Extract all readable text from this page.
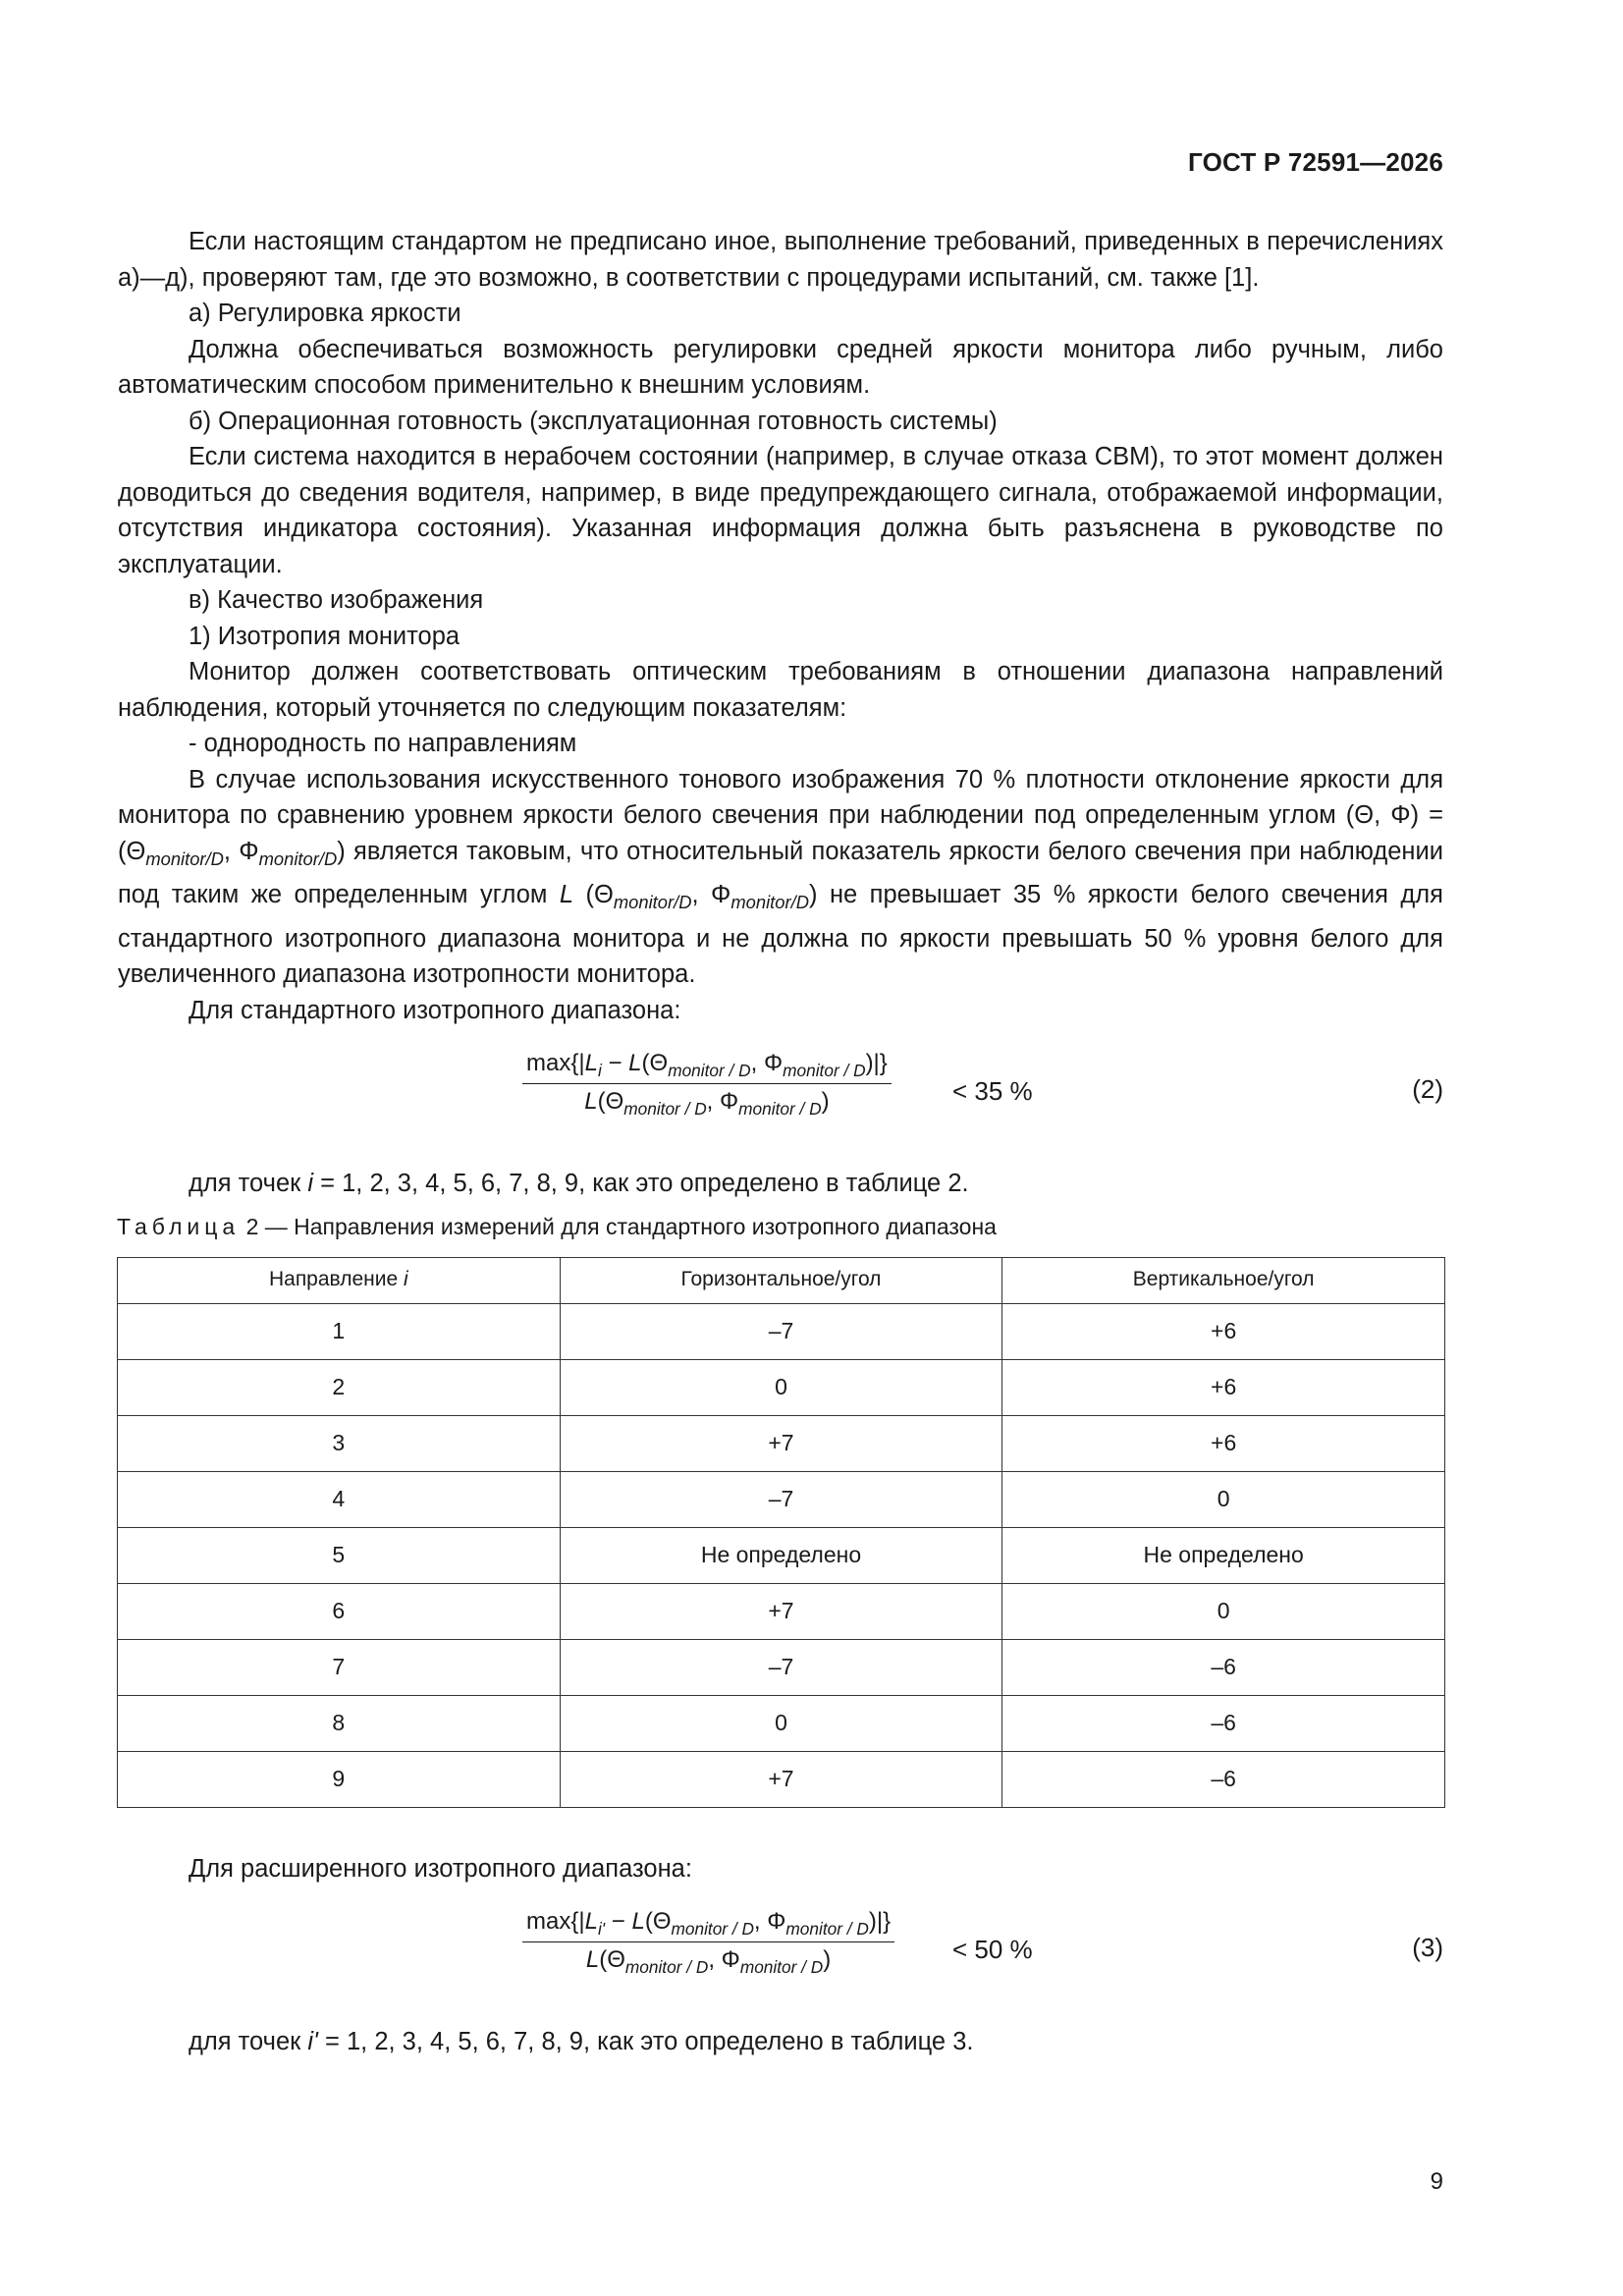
ГОСТ Р 72591—2026

Если настоящим стандартом не предписано иное, выполнение требований, приведенных в перечислениях а)—д), проверяют там, где это возможно, в соответствии с процедурами испытаний, см. также [1].

а) Регулировка яркости

Должна обеспечиваться возможность регулировки средней яркости монитора либо ручным, либо автоматическим способом применительно к внешним условиям.

б) Операционная готовность (эксплуатационная готовность системы)

Если система находится в нерабочем состоянии (например, в случае отказа СВМ), то этот момент должен доводиться до сведения водителя, например, в виде предупреждающего сигнала, отображаемой информации, отсутствия индикатора состояния). Указанная информация должна быть разъяснена в руководстве по эксплуатации.

в) Качество изображения

1) Изотропия монитора

Монитор должен соответствовать оптическим требованиям в отношении диапазона направлений наблюдения, который уточняется по следующим показателям:

- однородность по направлениям

В случае использования искусственного тонового изображения 70 % плотности отклонение яркости для монитора по сравнению уровнем яркости белого свечения при наблюдении под определенным углом (Θ, $\Phi) = (\Theta_{monitor/D}$, $\Phi_{monitor/D}$) является таковым, что относительный показатель яркости белого свечения при наблюдении под таким же определенным углом L ($\Theta_{monitor/D}$, $\Phi_{monitor/D}$) не превышает 35 % яркости белого свечения для стандартного изотропного диапазона монитора и не должна по яркости превышать 50 % уровня белого для увеличенного диапазона изотропности монитора.

Для стандартного изотропного диапазона:

$\max\{|L_i - L(\Theta_{monitor / D}$, $\Phi_{monitor / D})|$}
$L(\Theta_{monitor / D}$, $\Phi_{monitor / D}$)	< 35 %	(2)

для точек i = 1, 2, 3, 4, 5, 6, 7, 8, 9, как это определено в таблице 2.

Таблица 2 — Направления измерений для стандартного изотропного диапазона
Направление i	Горизонтальное/угол	Вертикальное/угол
1	–7	+6
2	0	+6
3	+7	+6
4	–7	0
5	Не определено	Не определено
6	+7	0
7	–7	–6
8	0	–6
9	+7	–6

Для расширенного изотропного диапазона:

$\max\{|L_{i'} - L(\Theta_{monitor / D}$, $\Phi_{monitor / D})|$}
$L(\Theta_{monitor / D}$, $\Phi_{monitor / D}$)	< 50 %	(3)

для точек i' = 1, 2, 3, 4, 5, 6, 7, 8, 9, как это определено в таблице 3.

9
